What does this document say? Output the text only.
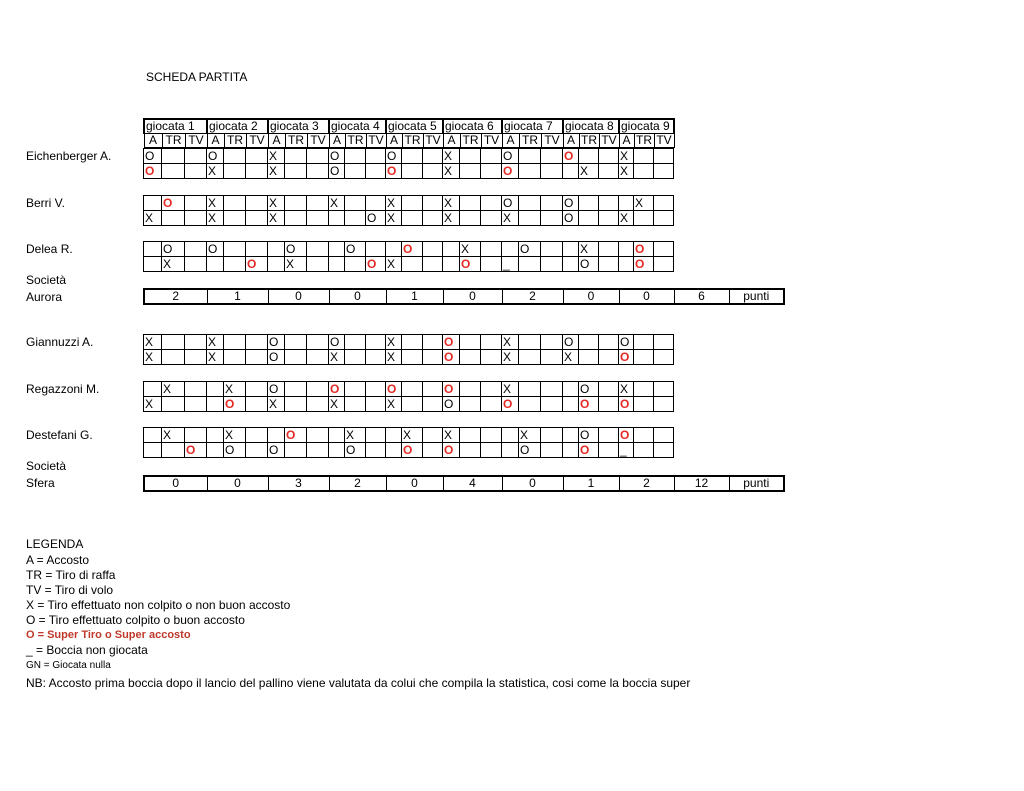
SCHEDA PARTITA
giocata 1			giocata 2			giocata 3			giocata 4			giocata 5			giocata 6			giocata 7			giocata 8			giocata 9		
A	TR	TV	A	TR	TV	A	TR	TV	A	TR	TV	A	TR	TV	A	TR	TV	A	TR	TV	A	TR	TV	A	TR	TV
Eichenberger A.	O			O			X			O			O			X			O			O			X		
O			X			X			O			O			X			O				X		X		
Berri V.
		O		X			X			X			X			X			O			O				X	
X			X			X					O	X			X			X			O			X		
Delea R.
		O		O				O			O			O			X			O			X			O	
	X				O		X				O	X				O		_				O			O	
Società
Aurora	2	1	0	0	1	0	2	0	0	6	punti
Giannuzzi A.	X			X			O			O			X			O			X			O			O		
X			X			O			X			X			O			X			X			O		
Regazzoni M.
		X			X		O			O			O			O			X				O		X		
X				O		X			X			X			O			O				O		O		
Destefani G.
		X			X			O			X			X		X				X			O		O		
		O		O		O				O			O		O				O			O		_		
Società
Sfera	0	0	3	2	0	4	0	1	2	12	punti
LEGENDA
A = Accosto
TR = Tiro di raffa
TV = Tiro di volo
X = Tiro effettuato non colpito o non buon accosto
O = Tiro effettuato colpito o buon accosto
O = Super Tiro o Super accosto
_ = Boccia non giocata
GN = Giocata nulla
NB: Accosto prima boccia dopo il lancio del pallino viene valutata da colui che compila la statistica, cosi come la boccia super
